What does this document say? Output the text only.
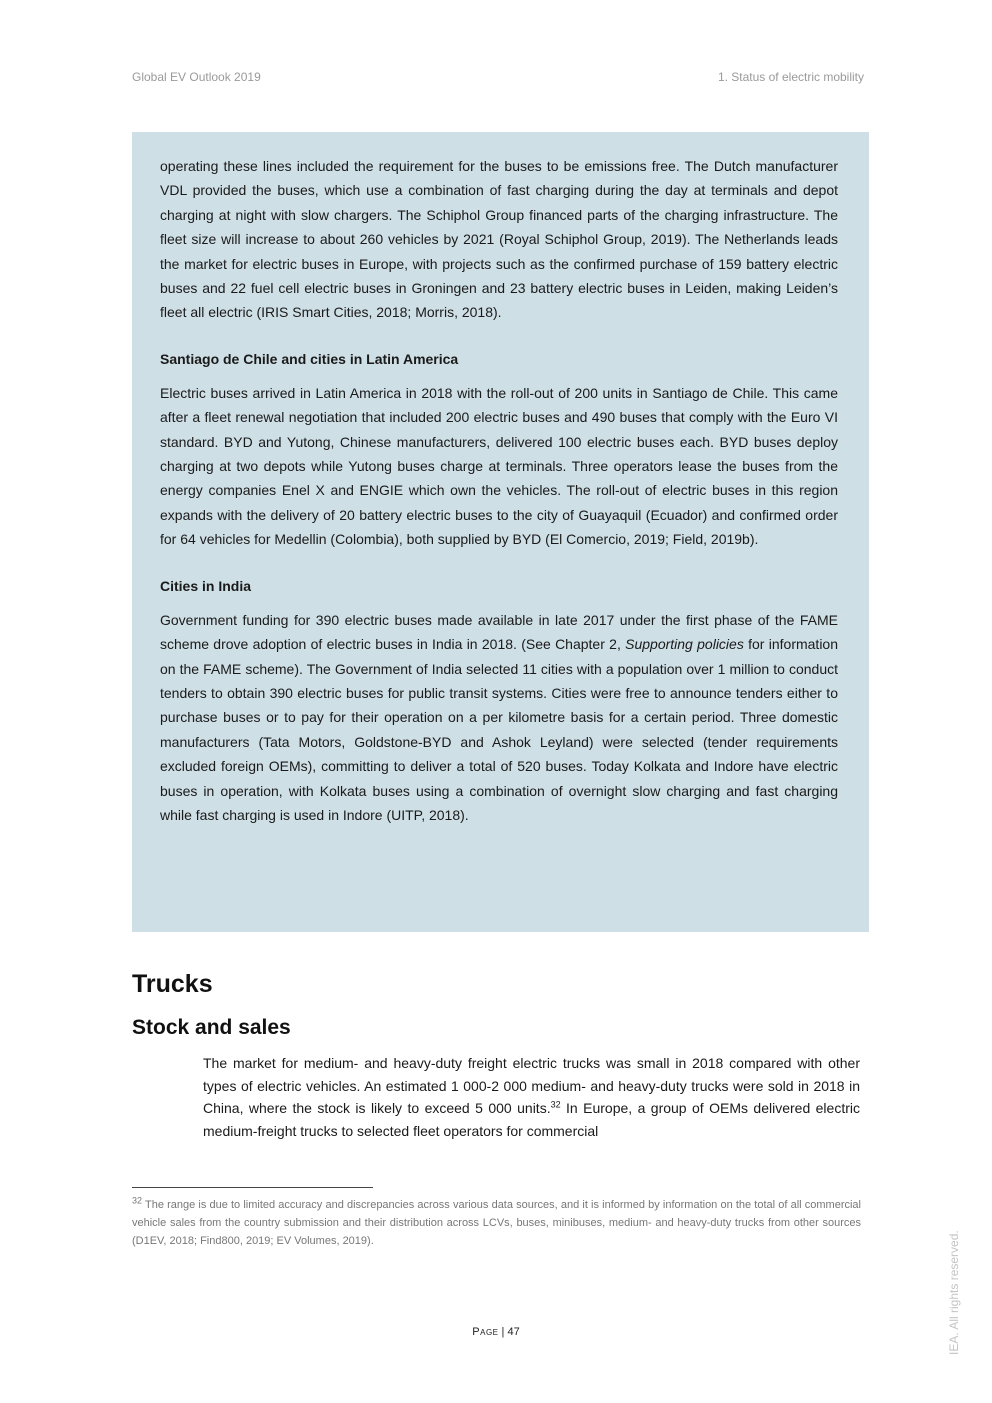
Global EV Outlook 2019	1. Status of electric mobility

operating these lines included the requirement for the buses to be emissions free. The Dutch manufacturer VDL provided the buses, which use a combination of fast charging during the day at terminals and depot charging at night with slow chargers. The Schiphol Group financed parts of the charging infrastructure. The fleet size will increase to about 260 vehicles by 2021 (Royal Schiphol Group, 2019). The Netherlands leads the market for electric buses in Europe, with projects such as the confirmed purchase of 159 battery electric buses and 22 fuel cell electric buses in Groningen and 23 battery electric buses in Leiden, making Leiden’s fleet all electric (IRIS Smart Cities, 2018; Morris, 2018).

Santiago de Chile and cities in Latin America

Electric buses arrived in Latin America in 2018 with the roll-out of 200 units in Santiago de Chile. This came after a fleet renewal negotiation that included 200 electric buses and 490 buses that comply with the Euro VI standard. BYD and Yutong, Chinese manufacturers, delivered 100 electric buses each. BYD buses deploy charging at two depots while Yutong buses charge at terminals. Three operators lease the buses from the energy companies Enel X and ENGIE which own the vehicles. The roll-out of electric buses in this region expands with the delivery of 20 battery electric buses to the city of Guayaquil (Ecuador) and confirmed order for 64 vehicles for Medellin (Colombia), both supplied by BYD (El Comercio, 2019; Field, 2019b).

Cities in India

Government funding for 390 electric buses made available in late 2017 under the first phase of the FAME scheme drove adoption of electric buses in India in 2018. (See Chapter 2, Supporting policies for information on the FAME scheme). The Government of India selected 11 cities with a population over 1 million to conduct tenders to obtain 390 electric buses for public transit systems. Cities were free to announce tenders either to purchase buses or to pay for their operation on a per kilometre basis for a certain period. Three domestic manufacturers (Tata Motors, Goldstone-BYD and Ashok Leyland) were selected (tender requirements excluded foreign OEMs), committing to deliver a total of 520 buses. Today Kolkata and Indore have electric buses in operation, with Kolkata buses using a combination of overnight slow charging and fast charging while fast charging is used in Indore (UITP, 2018).

Trucks
Stock and sales

The market for medium- and heavy-duty freight electric trucks was small in 2018 compared with other types of electric vehicles. An estimated 1 000-2 000 medium- and heavy-duty trucks were sold in 2018 in China, where the stock is likely to exceed 5 000 units.$^{32}$ In Europe, a group of OEMs delivered electric medium-freight trucks to selected fleet operators for commercial

$^{32}$ The range is due to limited accuracy and discrepancies across various data sources, and it is informed by information on the total of all commercial vehicle sales from the country submission and their distribution across LCVs, buses, minibuses, medium- and heavy-duty trucks from other sources (D1EV, 2018; Find800, 2019; EV Volumes, 2019).

Page | 47	IEA. All rights reserved.
